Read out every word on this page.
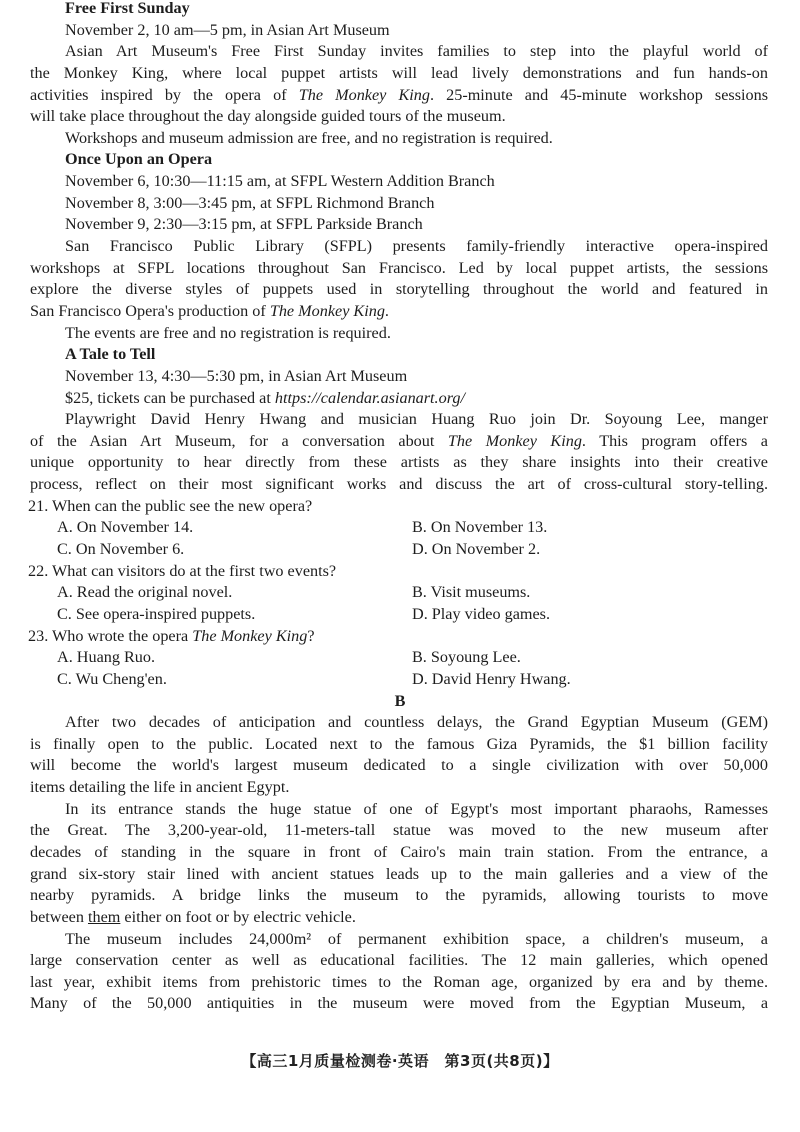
Free First Sunday
November 2, 10 am—5 pm, in Asian Art Museum
Asian Art Museum's Free First Sunday invites families to step into the playful world of
the Monkey King, where local puppet artists will lead lively demonstrations and fun hands-on
activities inspired by the opera of The Monkey King. 25-minute and 45-minute workshop sessions
will take place throughout the day alongside guided tours of the museum.
Workshops and museum admission are free, and no registration is required.
Once Upon an Opera
November 6, 10:30—11:15 am, at SFPL Western Addition Branch
November 8, 3:00—3:45 pm, at SFPL Richmond Branch
November 9, 2:30—3:15 pm, at SFPL Parkside Branch
San Francisco Public Library (SFPL) presents family-friendly interactive opera-inspired
workshops at SFPL locations throughout San Francisco. Led by local puppet artists, the sessions
explore the diverse styles of puppets used in storytelling throughout the world and featured in
San Francisco Opera's production of The Monkey King.
The events are free and no registration is required.
A Tale to Tell
November 13, 4:30—5:30 pm, in Asian Art Museum
$25, tickets can be purchased at https://calendar.asianart.org/
Playwright David Henry Hwang and musician Huang Ruo join Dr. Soyoung Lee, manger
of the Asian Art Museum, for a conversation about The Monkey King. This program offers a
unique opportunity to hear directly from these artists as they share insights into their creative
process, reflect on their most significant works and discuss the art of cross-cultural story-telling.
21. When can the public see the new opera?
A. On November 14.	B. On November 13.
C. On November 6.	D. On November 2.
22. What can visitors do at the first two events?
A. Read the original novel.	B. Visit museums.
C. See opera-inspired puppets.	D. Play video games.
23. Who wrote the opera The Monkey King?
A. Huang Ruo.	B. Soyoung Lee.
C. Wu Cheng'en.	D. David Henry Hwang.
B
After two decades of anticipation and countless delays, the Grand Egyptian Museum (GEM)
is finally open to the public. Located next to the famous Giza Pyramids, the $1 billion facility
will become the world's largest museum dedicated to a single civilization with over 50,000
items detailing the life in ancient Egypt.
In its entrance stands the huge statue of one of Egypt's most important pharaohs, Ramesses
the Great. The 3,200-year-old, 11-meters-tall statue was moved to the new museum after
decades of standing in the square in front of Cairo's main train station. From the entrance, a
grand six-story stair lined with ancient statues leads up to the main galleries and a view of the
nearby pyramids. A bridge links the museum to the pyramids, allowing tourists to move
between them either on foot or by electric vehicle.
The museum includes 24,000m² of permanent exhibition space, a children's museum, a
large conservation center as well as educational facilities. The 12 main galleries, which opened
last year, exhibit items from prehistoric times to the Roman age, organized by era and by theme.
Many of the 50,000 antiquities in the museum were moved from the Egyptian Museum, a
【高三1月质量检测卷·英语　第3页(共8页)】
